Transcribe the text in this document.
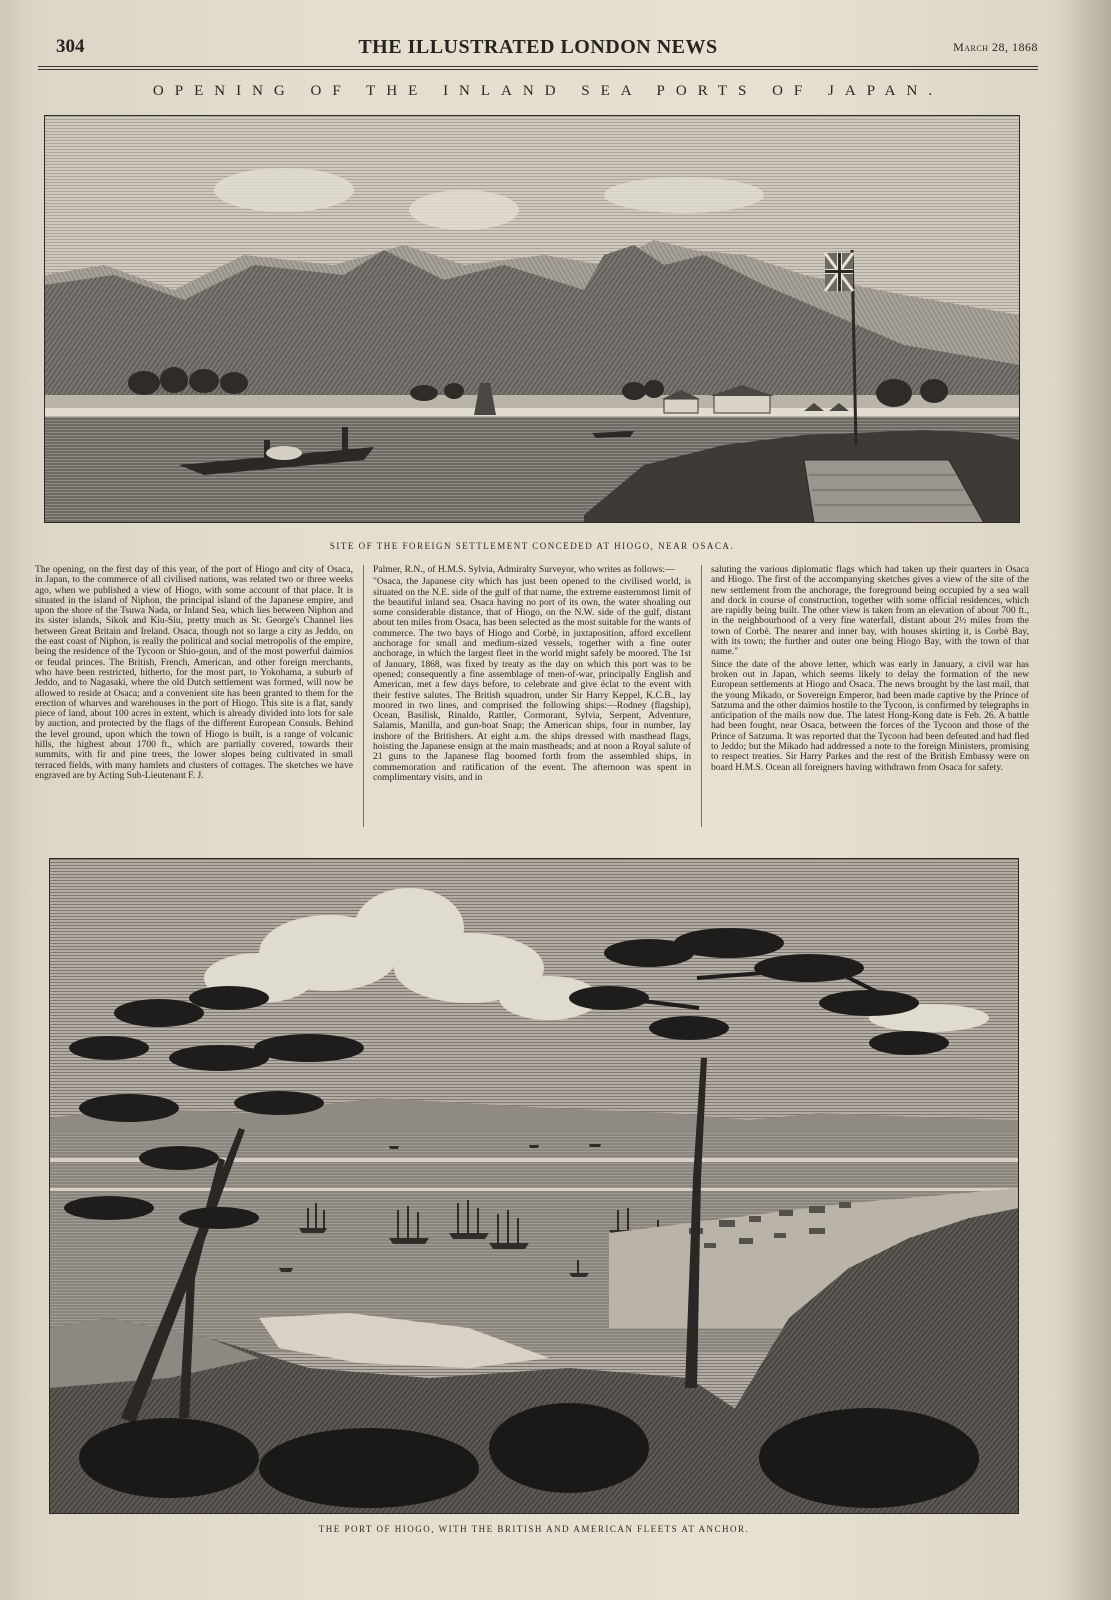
304	THE ILLUSTRATED LONDON NEWS	March 28, 1868
OPENING OF THE INLAND SEA PORTS OF JAPAN.
SITE OF THE FOREIGN SETTLEMENT CONCEDED AT HIOGO, NEAR OSACA.

The opening, on the first day of this year, of the port of Hiogo and city of Osaca, in Japan, to the commerce of all civilised nations, was related two or three weeks ago, when we published a view of Hiogo, with some account of that place. It is situated in the island of Niphon, the principal island of the Japanese empire, and upon the shore of the Tsuwa Nada, or Inland Sea, which lies between Niphon and its sister islands, Sikok and Kiu-Siu, pretty much as St. George's Channel lies between Great Britain and Ireland. Osaca, though not so large a city as Jeddo, on the east coast of Niphon, is really the political and social metropolis of the empire, being the residence of the Tycoon or Shio-goun, and of the most powerful daimios or feudal princes. The British, French, American, and other foreign merchants, who have been restricted, hitherto, for the most part, to Yokohama, a suburb of Jeddo, and to Nagasaki, where the old Dutch settlement was formed, will now be allowed to reside at Osaca; and a convenient site has been granted to them for the erection of wharves and warehouses in the port of Hiogo. This site is a flat, sandy piece of land, about 100 acres in extent, which is already divided into lots for sale by auction, and protected by the flags of the different European Consuls. Behind the level ground, upon which the town of Hiogo is built, is a range of volcanic hills, the highest about 1700 ft., which are partially covered, towards their summits, with fir and pine trees, the lower slopes being cultivated in small terraced fields, with many hamlets and clusters of cottages. The sketches we have engraved are by Acting Sub-Lieutenant F. J.

Palmer, R.N., of H.M.S. Sylvia, Admiralty Surveyor, who writes as follows:—

"Osaca, the Japanese city which has just been opened to the civilised world, is situated on the N.E. side of the gulf of that name, the extreme easternmost limit of the beautiful inland sea. Osaca having no port of its own, the water shoaling out some considerable distance, that of Hiogo, on the N.W. side of the gulf, distant about ten miles from Osaca, has been selected as the most suitable for the wants of commerce. The two bays of Hiogo and Corbè, in juxtaposition, afford excellent anchorage for small and medium-sized vessels, together with a fine outer anchorage, in which the largest fleet in the world might safely be moored. The 1st of January, 1868, was fixed by treaty as the day on which this port was to be opened; consequently a fine assemblage of men-of-war, principally English and American, met a few days before, to celebrate and give éclat to the event with their festive salutes. The British squadron, under Sir Harry Keppel, K.C.B., lay moored in two lines, and comprised the following ships:—Rodney (flagship), Ocean, Basilisk, Rinaldo, Rattler, Cormorant, Sylvia, Serpent, Adventure, Salamis, Manilla, and gun-boat Snap; the American ships, four in number, lay inshore of the Britishers. At eight a.m. the ships dressed with masthead flags, hoisting the Japanese ensign at the main mastheads; and at noon a Royal salute of 21 guns to the Japanese flag boomed forth from the assembled ships, in commemoration and ratification of the event. The afternoon was spent in complimentary visits, and in

saluting the various diplomatic flags which had taken up their quarters in Osaca and Hiogo. The first of the accompanying sketches gives a view of the site of the new settlement from the anchorage, the foreground being occupied by a sea wall and dock in course of construction, together with some official residences, which are rapidly being built. The other view is taken from an elevation of about 700 ft., in the neighbourhood of a very fine waterfall, distant about 2½ miles from the town of Corbè. The nearer and inner bay, with houses skirting it, is Corbè Bay, with its town; the further and outer one being Hiogo Bay, with the town of that name."

Since the date of the above letter, which was early in January, a civil war has broken out in Japan, which seems likely to delay the formation of the new European settlements at Hiogo and Osaca. The news brought by the last mail, that the young Mikado, or Sovereign Emperor, had been made captive by the Prince of Satzuma and the other daimios hostile to the Tycoon, is confirmed by telegraphs in anticipation of the mails now due. The latest Hong-Kong date is Feb. 26. A battle had been fought, near Osaca, between the forces of the Tycoon and those of the Prince of Satzuma. It was reported that the Tycoon had been defeated and had fled to Jeddo; but the Mikado had addressed a note to the foreign Ministers, promising to respect treaties. Sir Harry Parkes and the rest of the British Embassy were on board H.M.S. Ocean all foreigners having withdrawn from Osaca for safety.

THE PORT OF HIOGO, WITH THE BRITISH AND AMERICAN FLEETS AT ANCHOR.
